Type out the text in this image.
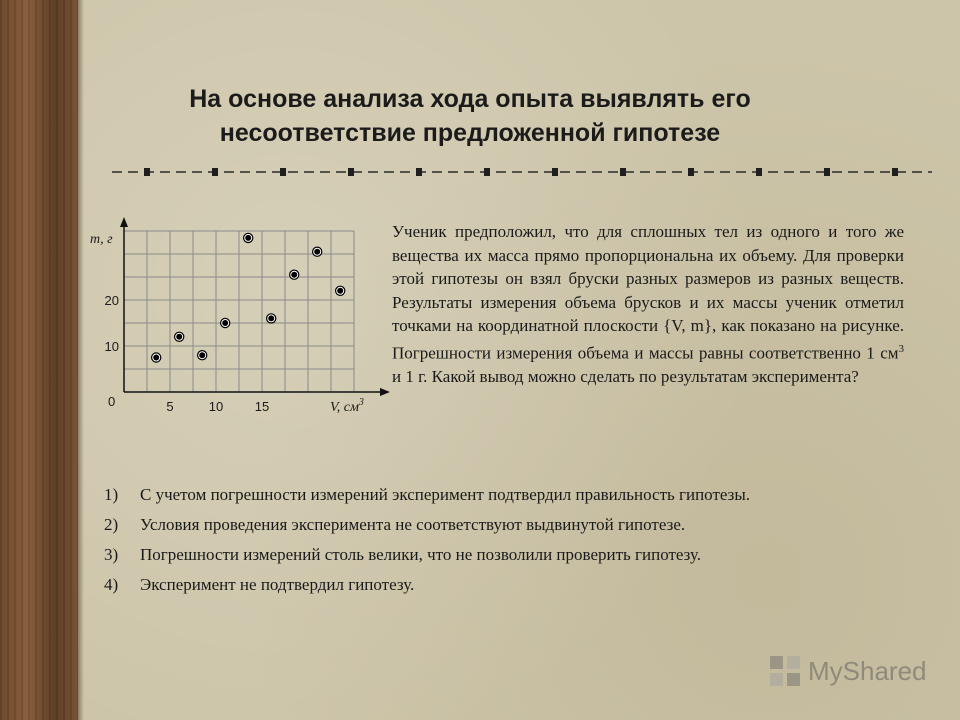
На основе анализа хода опыта выявлять его
несоответствие предложенной гипотезе
5	10 15
10
20
m, г
V, $см^3$
0

Ученик предположил, что для сплошных тел из одного и того же вещества их масса прямо пропорциональна их объему. Для проверки этой гипотезы он взял бруски разных размеров из разных веществ. Результаты измерения объема брусков и их массы ученик отметил точками на координатной плоскости {V, m}, как показано на рисунке. Погрешности измерения объема и массы равны соответственно 1 $см^3$ и 1 г. Какой вывод можно сделать по результатам эксперимента?

1) С учетом погрешности измерений эксперимент подтвердил правильность гипотезы.
2) Условия проведения эксперимента не соответствуют выдвинутой гипотезе.
3) Погрешности измерений столь велики, что не позволили проверить гипотезу.
4) Эксперимент не подтвердил гипотезу.
MyShared
